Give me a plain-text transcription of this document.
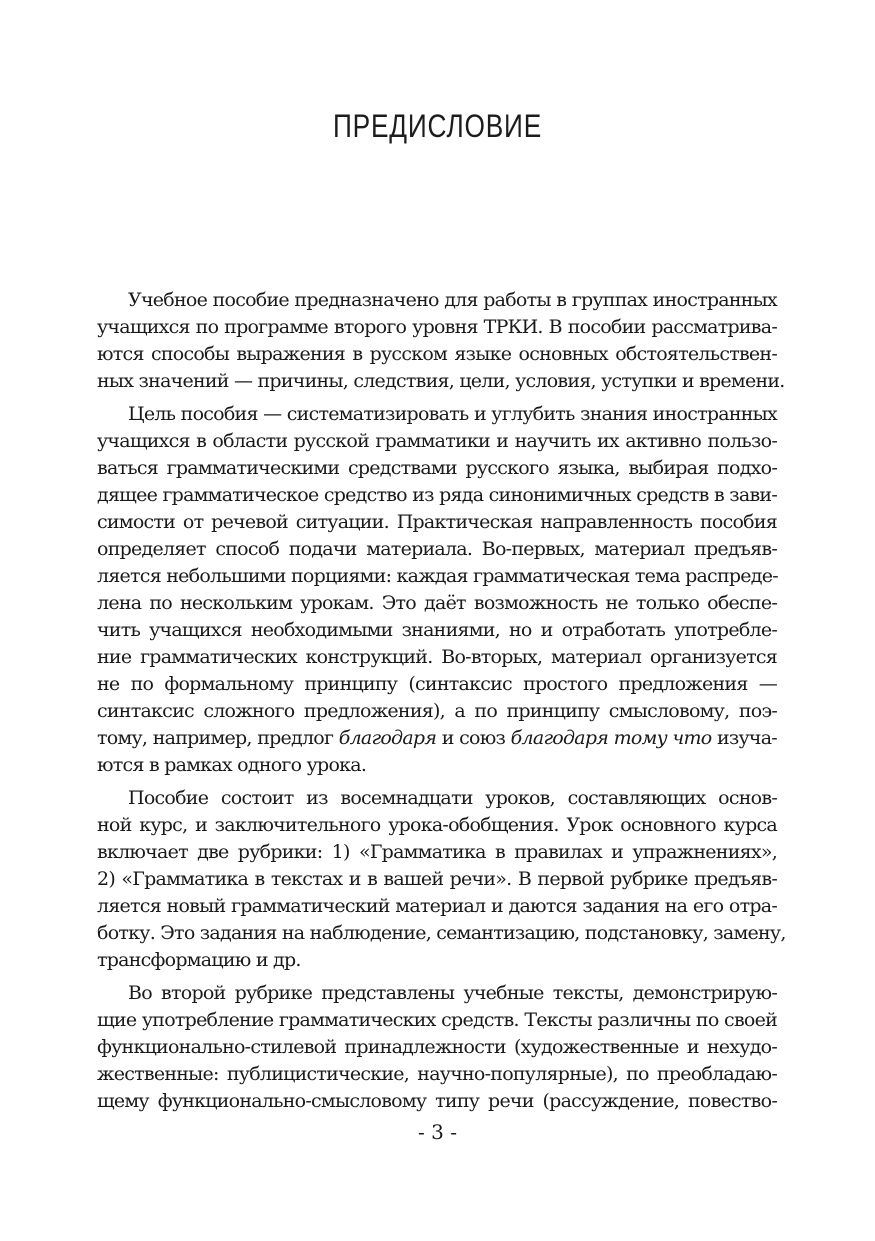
ПРЕДИСЛОВИЕ
Учебное пособие предназначено для работы в группах иностранных
учащихся по программе второго уровня ТРКИ. В пособии рассматрива-
ются способы выражения в русском языке основных обстоятельствен-
ных значений — причины, следствия, цели, условия, уступки и времени.
Цель пособия — систематизировать и углубить знания иностранных
учащихся в области русской грамматики и научить их активно пользо-
ваться грамматическими средствами русского языка, выбирая подхо-
дящее грамматическое средство из ряда синонимичных средств в зави-
симости от речевой ситуации. Практическая направленность пособия
определяет способ подачи материала. Во-первых, материал предъяв-
ляется небольшими порциями: каждая грамматическая тема распреде-
лена по нескольким урокам. Это даёт возможность не только обеспе-
чить учащихся необходимыми знаниями, но и отработать употребле-
ние грамматических конструкций. Во-вторых, материал организуется
не по формальному принципу (синтаксис простого предложения —
синтаксис сложного предложения), а по принципу смысловому, поэ-
тому, например, предлог благодаря и союз благодаря тому что изуча-
ются в рамках одного урока.
Пособие состоит из восемнадцати уроков, составляющих основ-
ной курс, и заключительного урока-обобщения. Урок основного курса
включает две рубрики: 1) «Грамматика в правилах и упражнениях»,
2) «Грамматика в текстах и в вашей речи». В первой рубрике предъяв-
ляется новый грамматический материал и даются задания на его отра-
ботку. Это задания на наблюдение, семантизацию, подстановку, замену,
трансформацию и др.
Во второй рубрике представлены учебные тексты, демонстрирую-
щие употребление грамматических средств. Тексты различны по своей
функционально-стилевой принадлежности (художественные и нехудо-
жественные: публицистические, научно-популярные), по преобладаю-
щему функционально-смысловому типу речи (рассуждение, повество-
- 3 -
